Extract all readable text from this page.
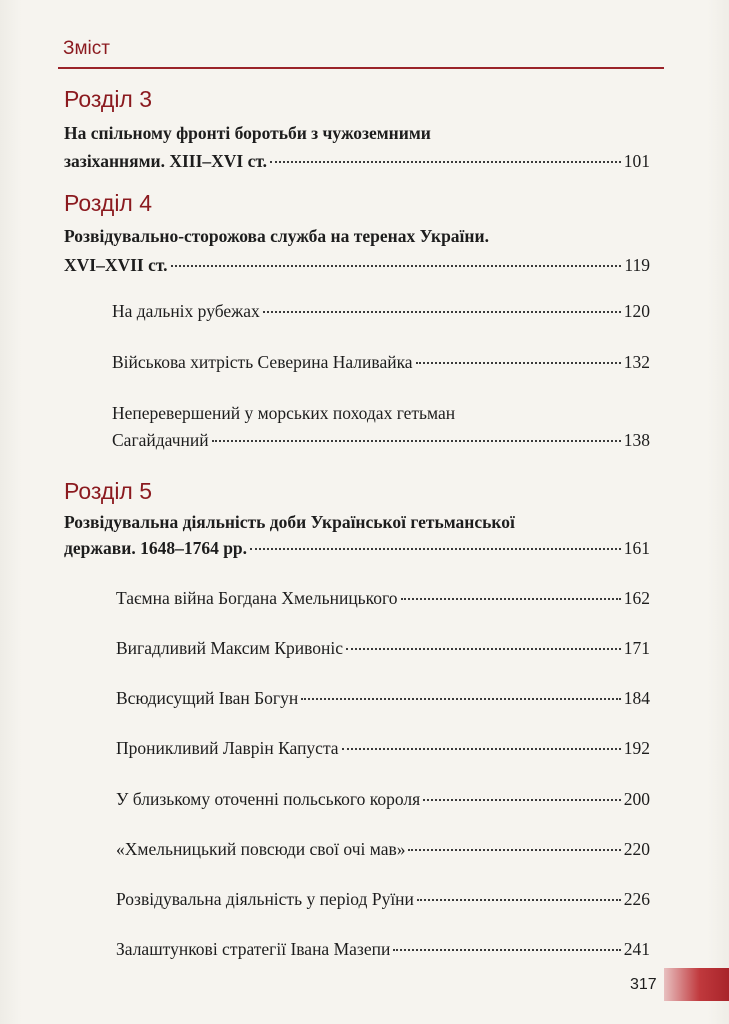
Зміст
Розділ 3
На спільному фронті боротьби з чужоземними
зазіханнями. XIII–XVI ст.	101
Розділ 4
Розвідувально-сторожова служба на теренах України.
XVI–XVII ст.	119
На дальніх рубежах	120
Військова хитрість Северина Наливайка	132
Неперевершений у морських походах гетьман
Сагайдачний	138
Розділ 5
Розвідувальна діяльність доби Української гетьманської
держави. 1648–1764 рр.	161
Таємна війна Богдана Хмельницького	162
Вигадливий Максим Кривоніс	171
Всюдисущий Іван Богун	184
Проникливий Лаврін Капуста	192
У близькому оточенні польського короля	200
«Хмельницький повсюди свої очі мав»	220
Розвідувальна діяльність у період Руїни	226
Залаштункові стратегії Івана Мазепи	241
317
